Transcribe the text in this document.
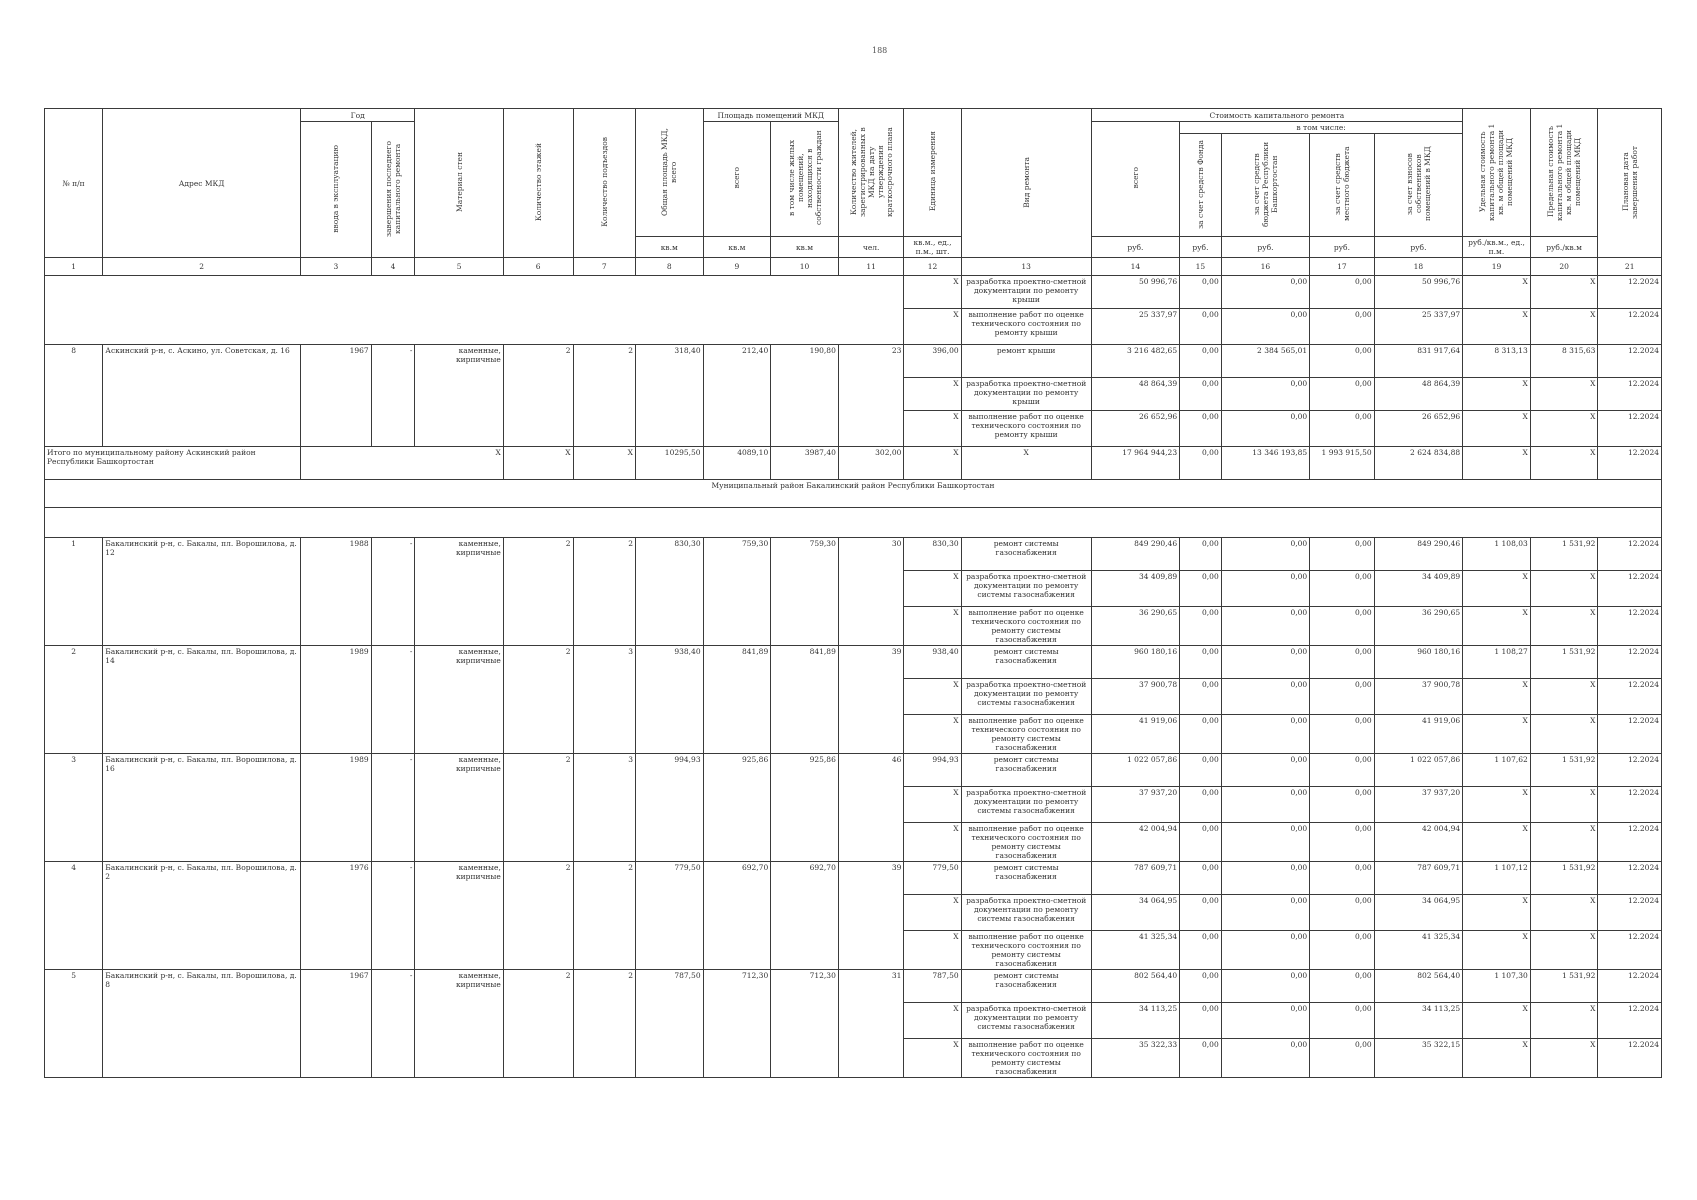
188
№ п/п	Адрес МКД	Год		Материал стен	Количество этажей	Количество подъездов	Общая площадь МКД, всего	Площадь помещений МКД		Количество жителей, зарегистрированных в МКД на дату утверждения краткосрочного плана	Единица измерения	Вид ремонта	Стоимость капитального ремонта					Удельная стоимость капитального ремонта 1 кв. м общей площади помещений МКД	Предельная стоимость капитального ремонта 1 кв. м общей площади помещений МКД	Плановая дата завершения работ
		ввода в эксплуатацию	завершения последнего капитального ремонта					всего	в том числе жилых помещений, находящихся в собственности граждан				всего	в том числе:						
														за счет средств Фонда	за счет средств бюджета Республики Башкортостан	за счет средств местного бюджета	за счет взносов собственников помещений в МКД			
							кв.м	кв.м	кв.м	чел.	кв.м., ед., п.м., шт.		руб.	руб.	руб.	руб.	руб.	руб./кв.м., ед., п.м.	руб./кв.м	
1	2	3	4	5	6	7	8	9	10	11	12	13	14	15	16	17	18	19	20	21
											Х	разработка проектно-сметной документации по ремонту крыши	50 996,76	0,00	0,00	0,00	50 996,76	Х	Х	12.2024
											Х	выполнение работ по оценке технического состояния по ремонту крыши	25 337,97	0,00	0,00	0,00	25 337,97	Х	Х	12.2024
8	Аскинский р-н, с. Аскино, ул. Советская, д. 16	1967	-	каменные, кирпичные	2	2	318,40	212,40	190,80	23	396,00	ремонт крыши	3 216 482,65	0,00	2 384 565,01	0,00	831 917,64	8 313,13	8 315,63	12.2024
											Х	разработка проектно-сметной документации по ремонту крыши	48 864,39	0,00	0,00	0,00	48 864,39	Х	Х	12.2024
											Х	выполнение работ по оценке технического состояния по ремонту крыши	26 652,96	0,00	0,00	0,00	26 652,96	Х	Х	12.2024
Итого по муниципальному району Аскинский район Республики Башкортостан		Х			Х	Х	10295,50	4089,10	3987,40	302,00	Х	Х	17 964 944,23	0,00	13 346 193,85	1 993 915,50	2 624 834,88	Х	Х	12.2024
Муниципальный район Бакалинский район Республики Башкортостан																				

1	Бакалинский р-н, с. Бакалы, пл. Ворошилова, д. 12	1988	-	каменные, кирпичные	2	2	830,30	759,30	759,30	30	830,30	ремонт системы газоснабжения	849 290,46	0,00	0,00	0,00	849 290,46	1 108,03	1 531,92	12.2024
											Х	разработка проектно-сметной документации по ремонту системы газоснабжения	34 409,89	0,00	0,00	0,00	34 409,89	Х	Х	12.2024
											Х	выполнение работ по оценке технического состояния по ремонту системы газоснабжения	36 290,65	0,00	0,00	0,00	36 290,65	Х	Х	12.2024
2	Бакалинский р-н, с. Бакалы, пл. Ворошилова, д. 14	1989	-	каменные, кирпичные	2	3	938,40	841,89	841,89	39	938,40	ремонт системы газоснабжения	960 180,16	0,00	0,00	0,00	960 180,16	1 108,27	1 531,92	12.2024
											Х	разработка проектно-сметной документации по ремонту системы газоснабжения	37 900,78	0,00	0,00	0,00	37 900,78	Х	Х	12.2024
											Х	выполнение работ по оценке технического состояния по ремонту системы газоснабжения	41 919,06	0,00	0,00	0,00	41 919,06	Х	Х	12.2024
3	Бакалинский р-н, с. Бакалы, пл. Ворошилова, д. 16	1989	-	каменные, кирпичные	2	3	994,93	925,86	925,86	46	994,93	ремонт системы газоснабжения	1 022 057,86	0,00	0,00	0,00	1 022 057,86	1 107,62	1 531,92	12.2024
											Х	разработка проектно-сметной документации по ремонту системы газоснабжения	37 937,20	0,00	0,00	0,00	37 937,20	Х	Х	12.2024
											Х	выполнение работ по оценке технического состояния по ремонту системы газоснабжения	42 004,94	0,00	0,00	0,00	42 004,94	Х	Х	12.2024
4	Бакалинский р-н, с. Бакалы, пл. Ворошилова, д. 2	1976	-	каменные, кирпичные	2	2	779,50	692,70	692,70	39	779,50	ремонт системы газоснабжения	787 609,71	0,00	0,00	0,00	787 609,71	1 107,12	1 531,92	12.2024
											Х	разработка проектно-сметной документации по ремонту системы газоснабжения	34 064,95	0,00	0,00	0,00	34 064,95	Х	Х	12.2024
											Х	выполнение работ по оценке технического состояния по ремонту системы газоснабжения	41 325,34	0,00	0,00	0,00	41 325,34	Х	Х	12.2024
5	Бакалинский р-н, с. Бакалы, пл. Ворошилова, д. 8	1967	-	каменные, кирпичные	2	2	787,50	712,30	712,30	31	787,50	ремонт системы газоснабжения	802 564,40	0,00	0,00	0,00	802 564,40	1 107,30	1 531,92	12.2024
											Х	разработка проектно-сметной документации по ремонту системы газоснабжения	34 113,25	0,00	0,00	0,00	34 113,25	Х	Х	12.2024
											Х	выполнение работ по оценке технического состояния по ремонту системы газоснабжения	35 322,33	0,00	0,00	0,00	35 322,15	Х	Х	12.2024
